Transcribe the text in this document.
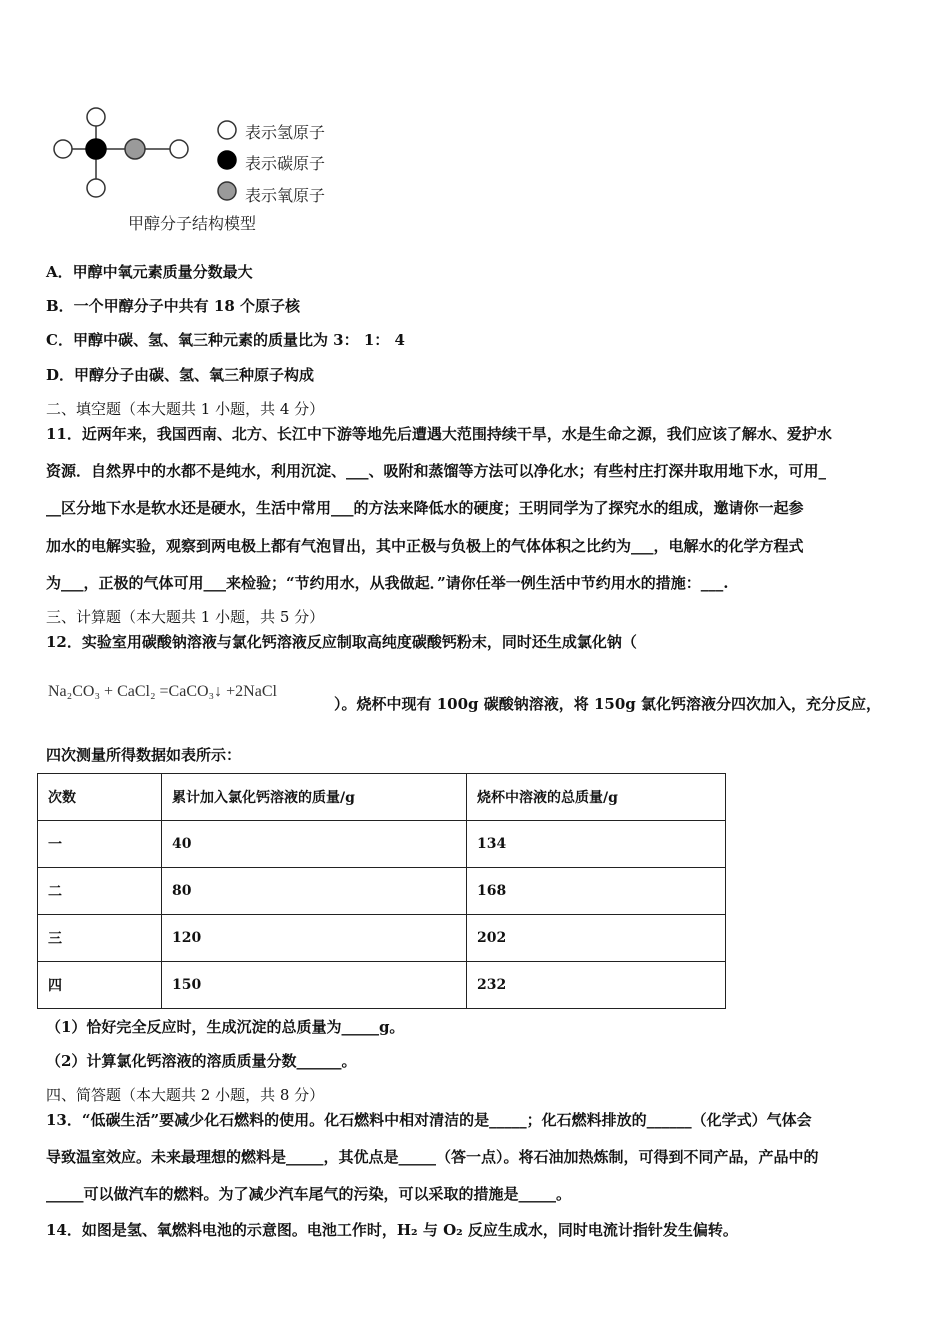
表示氢原子
表示碳原子
表示氧原子
甲醇分子结构模型
A．甲醇中氧元素质量分数最大
B．一个甲醇分子中共有 18 个原子核
C．甲醇中碳、氢、氧三种元素的质量比为 3： 1： 4
D．甲醇分子由碳、氢、氧三种原子构成
二、填空题（本大题共 1 小题，共 4 分）
11．近两年来，我国西南、北方、长江中下游等地先后遭遇大范围持续干旱，水是生命之源，我们应该了解水、爱护水
资源．自然界中的水都不是纯水，利用沉淀、___、吸附和蒸馏等方法可以净化水；有些村庄打深井取用地下水，可用_
__区分地下水是软水还是硬水，生活中常用___的方法来降低水的硬度；王明同学为了探究水的组成，邀请你一起参
加水的电解实验，观察到两电极上都有气泡冒出，其中正极与负极上的气体体积之比约为___，电解水的化学方程式
为___，正极的气体可用___来检验；“节约用水，从我做起．”请你任举一例生活中节约用水的措施：___.
三、计算题（本大题共 1 小题，共 5 分）
12．实验室用碳酸钠溶液与氯化钙溶液反应制取高纯度碳酸钙粉末，同时还生成氯化钠（
Na₂CO₃ + CaCl₂ =CaCO₃↓ +2NaCl
）。烧杯中现有 100g 碳酸钠溶液，将 150g 氯化钙溶液分四次加入，充分反应，
四次测量所得数据如表所示：
次数	累计加入氯化钙溶液的质量/g	烧杯中溶液的总质量/g
一	40	134
二	80	168
三	120	202
四	150	232
（1）恰好完全反应时，生成沉淀的总质量为_____g。
（2）计算氯化钙溶液的溶质质量分数______。
四、简答题（本大题共 2 小题，共 8 分）
13．“低碳生活”要减少化石燃料的使用。化石燃料中相对清洁的是_____；化石燃料排放的______（化学式）气体会
导致温室效应。未来最理想的燃料是_____，其优点是_____（答一点）。将石油加热炼制，可得到不同产品，产品中的
_____可以做汽车的燃料。为了减少汽车尾气的污染，可以采取的措施是_____。
14．如图是氢、氧燃料电池的示意图。电池工作时，H₂ 与 O₂ 反应生成水，同时电流计指针发生偏转。
